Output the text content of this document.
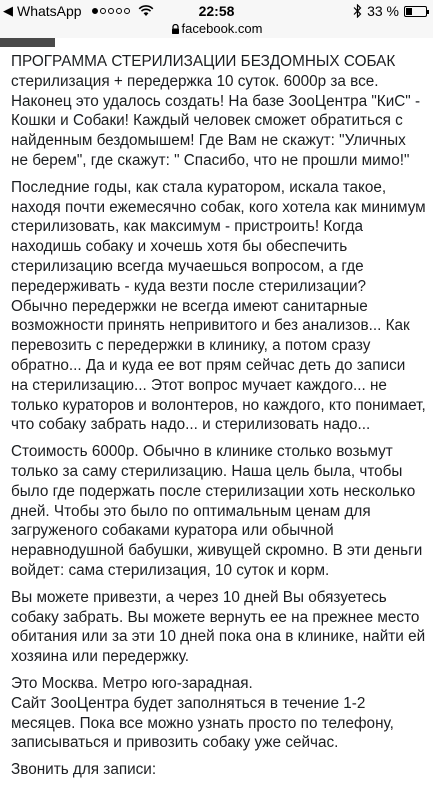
◀ WhatsApp	22:58	33 %
facebook.com

ПРОГРАММА СТЕРИЛИЗАЦИИ БЕЗДОМНЫХ СОБАК стерилизация + передержка 10 суток. 6000р за все. Наконец это удалось создать! На базе ЗооЦентра "КиС" - Кошки и Собаки! Каждый человек сможет обратиться с найденным бездомышем! Где Вам не скажут: "Уличных не берем", где скажут: " Спасибо, что не прошли мимо!"

Последние годы, как стала куратором, искала такое, находя почти ежемесячно собак, кого хотела как минимум стерилизовать, как максимум - пристроить! Когда находишь собаку и хочешь хотя бы обеспечить стерилизацию всегда мучаешься вопросом, а где передерживать - куда везти после стерилизации? Обычно передержки не всегда имеют санитарные возможности принять непривитого и без анализов... Как перевозить с передержки в клинику, а потом сразу обратно... Да и куда ее вот прям сейчас деть до записи на стерилизацию... Этот вопрос мучает каждого... не только кураторов и волонтеров, но каждого, кто понимает, что собаку забрать надо... и стерилизовать надо...

Стоимость 6000р. Обычно в клинике столько возьмут только за саму стерилизацию. Наша цель была, чтобы было где подержать после стерилизации хоть несколько дней. Чтобы это было по оптимальным ценам для загруженого собаками куратора или обычной неравнодушной бабушки, живущей скромно. В эти деньги войдет: сама стерилизация, 10 суток и корм.

Вы можете привезти, а через 10 дней Вы обязуетесь собаку забрать. Вы можете вернуть ее на прежнее место обитания или за эти 10 дней пока она в клинике, найти ей хозяина или передержку.

Это Москва. Метро юго-зарадная.
Сайт ЗооЦентра будет заполняться в течение 1-2 месяцев. Пока все можно узнать просто по телефону, записываться и привозить собаку уже сейчас.

Звонить для записи:
